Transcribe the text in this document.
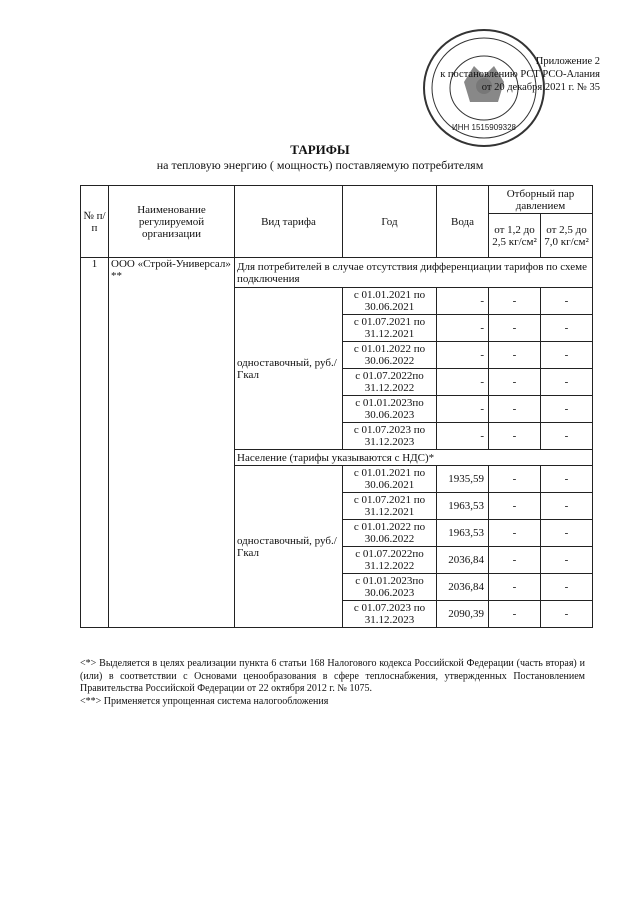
ИНН 1515909328
Приложение 2
к постановлению РСТ РСО-Алания
от 20 декабря 2021 г. № 35
ТАРИФЫ
на тепловую энергию ( мощность) поставляемую потребителям
№ п/п	Наименование регулируемой организации	Вид тарифа	Год	Вода	Отборный пар давлением	
					от 1,2 до 2,5 кг/см²	от 2,5 до 7,0 кг/см²
1	ООО «Строй-Универсал» **	Для потребителей в случае отсутствия дифференциации тарифов по схеме подключения				
		одноставочный, руб./Гкал	с 01.01.2021 по 30.06.2021	-	-	-
			с 01.07.2021 по 31.12.2021	-	-	-
			с 01.01.2022 по 30.06.2022	-	-	-
			с 01.07.2022по 31.12.2022	-	-	-
			с 01.01.2023по 30.06.2023	-	-	-
			с 01.07.2023 по 31.12.2023	-	-	-
		Население (тарифы указываются с НДС)*				
		одноставочный, руб./Гкал	с 01.01.2021 по 30.06.2021	1935,59	-	-
			с 01.07.2021 по 31.12.2021	1963,53	-	-
			с 01.01.2022 по 30.06.2022	1963,53	-	-
			с 01.07.2022по 31.12.2022	2036,84	-	-
			с 01.01.2023по 30.06.2023	2036,84	-	-
			с 01.07.2023 по 31.12.2023	2090,39	-	-

<*> Выделяется в целях реализации пункта 6 статьи 168 Налогового кодекса Российской Федерации (часть вторая) и (или) в соответствии с Основами ценообразования в сфере теплоснабжения, утвержденных Постановлением Правительства Российской Федерации от 22 октября 2012 г. № 1075.

<**> Применяется упрощенная система налогообложения
